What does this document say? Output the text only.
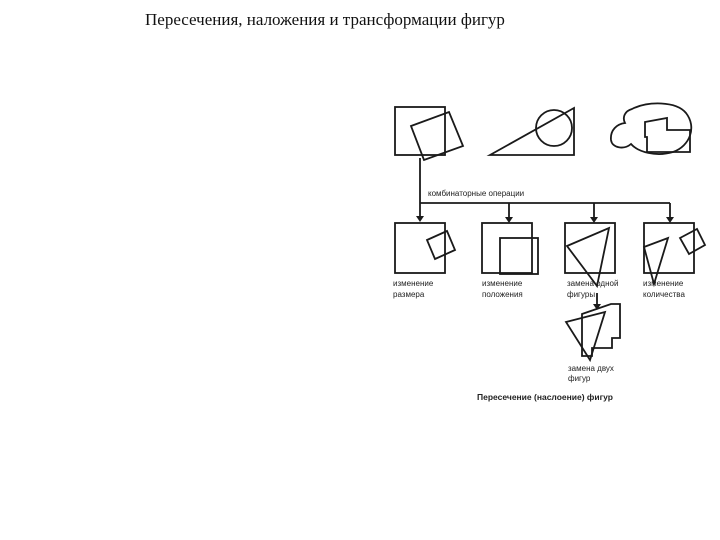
Пересечения, наложения и трансформации фигур
комбинаторные операции
изменение
размера
изменение
положения
замена одной
фигуры
изменение
количества
замена двух
фигур
Пересечение (наслоение) фигур
